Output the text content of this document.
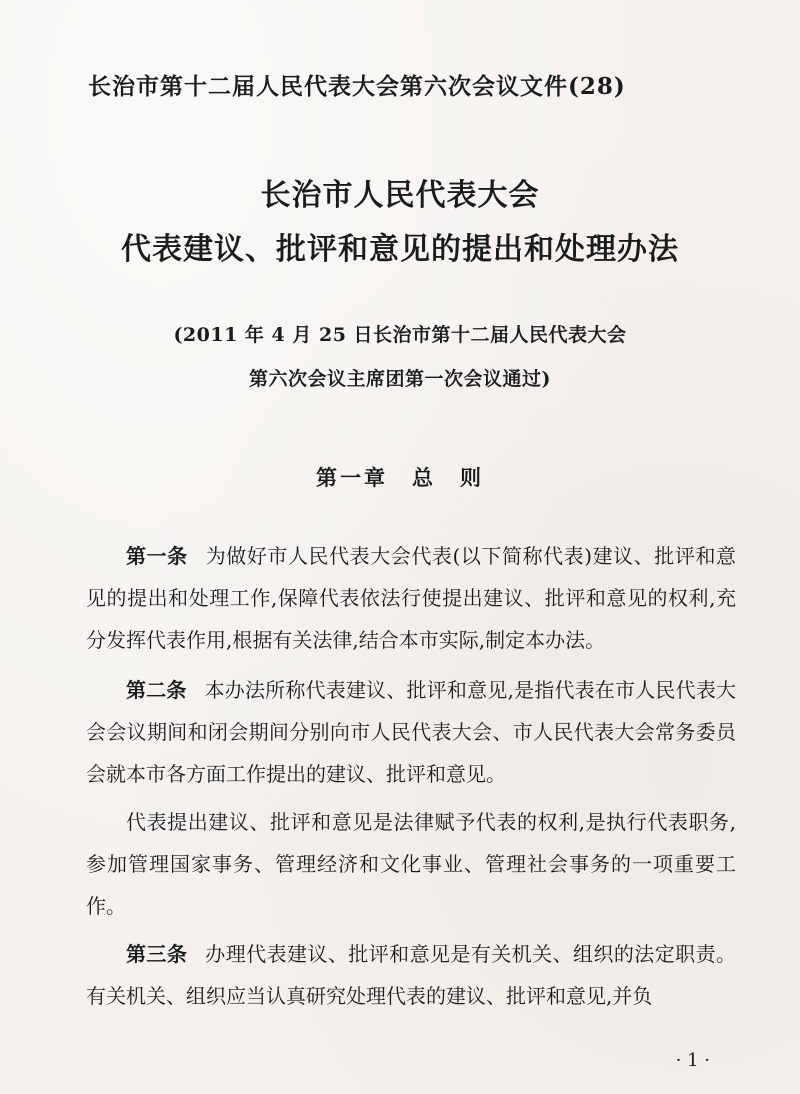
长治市第十二届人民代表大会第六次会议文件(28)
长治市人民代表大会
代表建议、批评和意见的提出和处理办法
(2011 年 4 月 25 日长治市第十二届人民代表大会
第六次会议主席团第一次会议通过)
第一章　总　则

第一条 为做好市人民代表大会代表(以下简称代表)建议、批评和意见的提出和处理工作,保障代表依法行使提出建议、批评和意见的权利,充分发挥代表作用,根据有关法律,结合本市实际,制定本办法。

第二条 本办法所称代表建议、批评和意见,是指代表在市人民代表大会会议期间和闭会期间分别向市人民代表大会、市人民代表大会常务委员会就本市各方面工作提出的建议、批评和意见。

代表提出建议、批评和意见是法律赋予代表的权利,是执行代表职务,参加管理国家事务、管理经济和文化事业、管理社会事务的一项重要工作。

第三条 办理代表建议、批评和意见是有关机关、组织的法定职责。有关机关、组织应当认真研究处理代表的建议、批评和意见,并负

· 1 ·
